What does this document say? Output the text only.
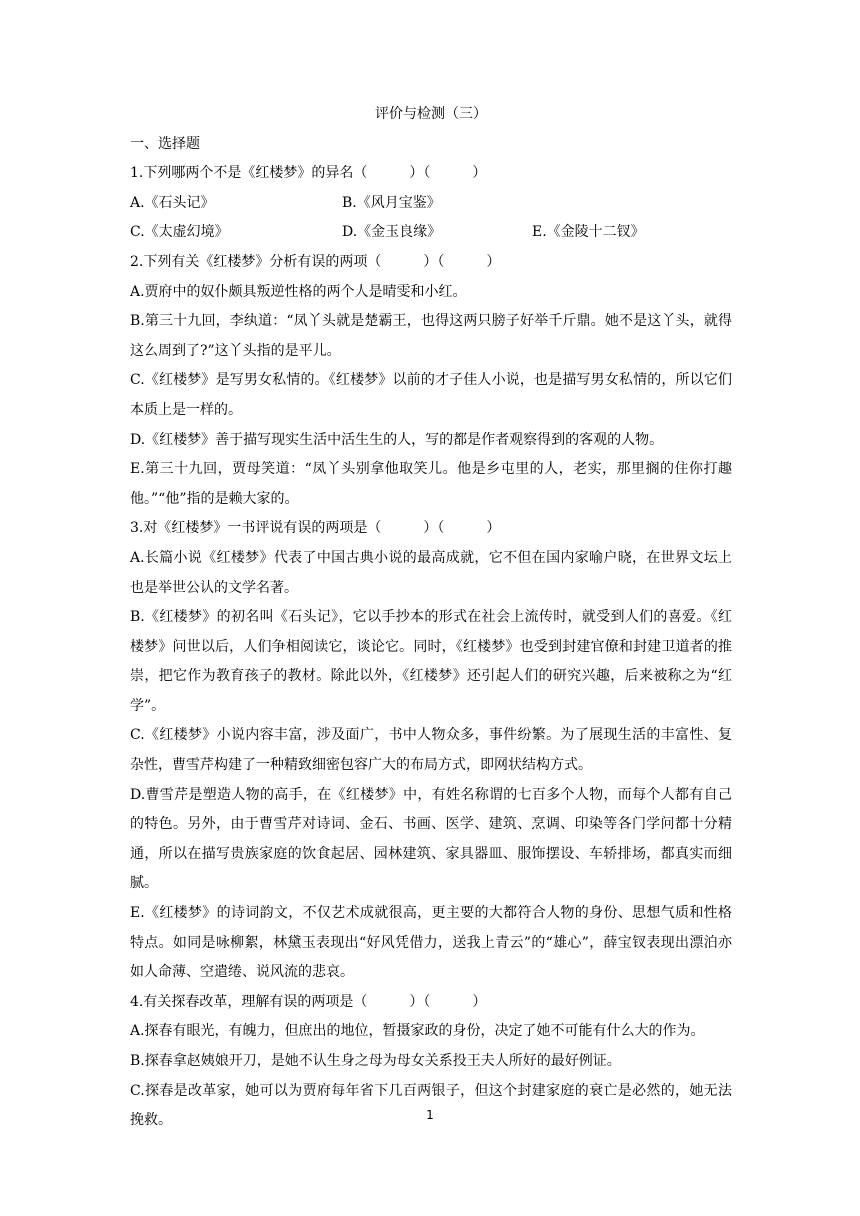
评价与检测（三）

一、选择题

1.下列哪两个不是《红楼梦》的异名（　　　）（　　　）

A.《石头记》	B.《风月宝鉴》
C.《太虚幻境》	D.《金玉良缘》	E.《金陵十二钗》

2.下列有关《红楼梦》分析有误的两项（　　　）（　　　）

A.贾府中的奴仆颇具叛逆性格的两个人是晴雯和小红。

B.第三十九回，李纨道：“凤丫头就是楚霸王，也得这两只膀子好举千斤鼎。她不是这丫头，就得这么周到了?”这丫头指的是平儿。

C.《红楼梦》是写男女私情的。《红楼梦》以前的才子佳人小说，也是描写男女私情的，所以它们本质上是一样的。

D.《红楼梦》善于描写现实生活中活生生的人，写的都是作者观察得到的客观的人物。

E.第三十九回，贾母笑道：“凤丫头别拿他取笑儿。他是乡屯里的人，老实，那里搁的住你打趣他。”“他”指的是赖大家的。

3.对《红楼梦》一书评说有误的两项是（　　　）（　　　）

A.长篇小说《红楼梦》代表了中国古典小说的最高成就，它不但在国内家喻户晓，在世界文坛上也是举世公认的文学名著。

B.《红楼梦》的初名叫《石头记》，它以手抄本的形式在社会上流传时，就受到人们的喜爱。《红楼梦》问世以后，人们争相阅读它，谈论它。同时，《红楼梦》也受到封建官僚和封建卫道者的推崇，把它作为教育孩子的教材。除此以外，《红楼梦》还引起人们的研究兴趣，后来被称之为“红学”。

C.《红楼梦》小说内容丰富，涉及面广，书中人物众多，事件纷繁。为了展现生活的丰富性、复杂性，曹雪芹构建了一种精致细密包容广大的布局方式，即网状结构方式。

D.曹雪芹是塑造人物的高手，在《红楼梦》中，有姓名称谓的七百多个人物，而每个人都有自己的特色。另外，由于曹雪芹对诗词、金石、书画、医学、建筑、烹调、印染等各门学问都十分精通，所以在描写贵族家庭的饮食起居、园林建筑、家具器皿、服饰摆设、车轿排场，都真实而细腻。

E.《红楼梦》的诗词韵文，不仅艺术成就很高，更主要的大都符合人物的身份、思想气质和性格特点。如同是咏柳絮，林黛玉表现出“好风凭借力，送我上青云”的“雄心”，薛宝钗表现出漂泊亦如人命薄、空遣绻、说风流的悲哀。

4.有关探春改革，理解有误的两项是（　　　）（　　　）

A.探春有眼光，有魄力，但庶出的地位，暂摄家政的身份，决定了她不可能有什么大的作为。

B.探春拿赵姨娘开刀，是她不认生身之母为母女关系投王夫人所好的最好例证。

C.探春是改革家，她可以为贾府每年省下几百两银子，但这个封建家庭的衰亡是必然的，她无法挽救。	1
